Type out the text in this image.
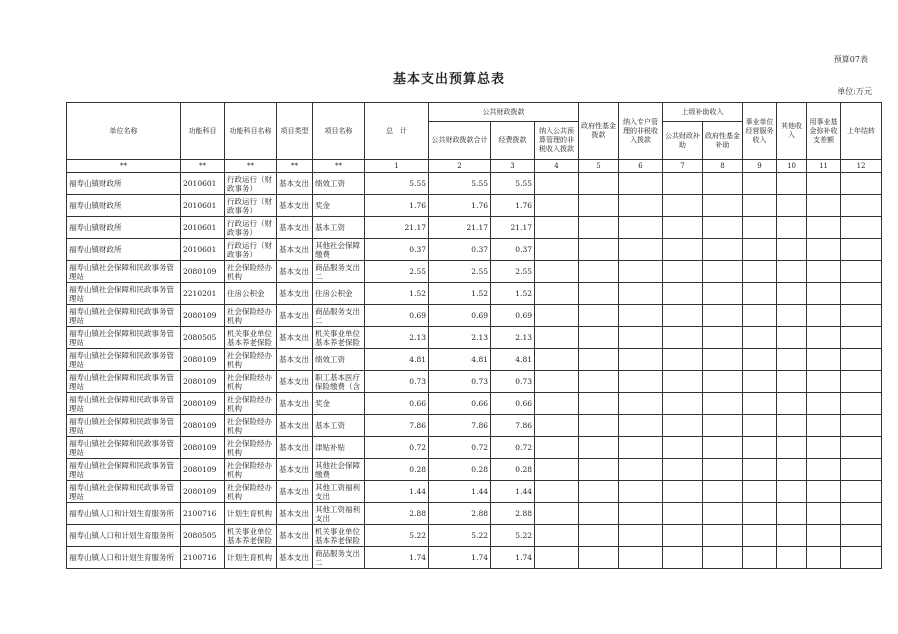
预算07表
基本支出预算总表
单位:万元
单位名称	功能科目	功能科目名称	项目类型	项目名称	总　计	公共财政拨款			政府性基金拨款	纳入专户管理的非税收入拨款	上级补助收入		事业单位经营服务收入	其他收入	用事业基金弥补收支差额	上年结转
						公共财政拨款合计	经费拨款	纳入公共预算管理的非税收入拨款			公共财政补助	政府性基金补助				
**	**	**	**	**	1	2	3	4	5	6	7	8	9	10	11	12
福寿山镇财政所	2010601	行政运行（财政事务）	基本支出	绩效工资	5.55	5.55	5.55									
福寿山镇财政所	2010601	行政运行（财政事务）	基本支出	奖金	1.76	1.76	1.76									
福寿山镇财政所	2010601	行政运行（财政事务）	基本支出	基本工资	21.17	21.17	21.17									
福寿山镇财政所	2010601	行政运行（财政事务）	基本支出	其他社会保障缴费	0.37	0.37	0.37									
福寿山镇社会保障和民政事务管理站	2080109	社会保险经办机构	基本支出	商品服务支出二	2.55	2.55	2.55									
福寿山镇社会保障和民政事务管理站	2210201	住房公积金	基本支出	住房公积金	1.52	1.52	1.52									
福寿山镇社会保障和民政事务管理站	2080109	社会保险经办机构	基本支出	商品服务支出二	0.69	0.69	0.69									
福寿山镇社会保障和民政事务管理站	2080505	机关事业单位基本养老保险	基本支出	机关事业单位基本养老保险	2.13	2.13	2.13									
福寿山镇社会保障和民政事务管理站	2080109	社会保险经办机构	基本支出	绩效工资	4.81	4.81	4.81									
福寿山镇社会保障和民政事务管理站	2080109	社会保险经办机构	基本支出	职工基本医疗保险缴费（含	0.73	0.73	0.73									
福寿山镇社会保障和民政事务管理站	2080109	社会保险经办机构	基本支出	奖金	0.66	0.66	0.66									
福寿山镇社会保障和民政事务管理站	2080109	社会保险经办机构	基本支出	基本工资	7.86	7.86	7.86									
福寿山镇社会保障和民政事务管理站	2080109	社会保险经办机构	基本支出	津贴补贴	0.72	0.72	0.72									
福寿山镇社会保障和民政事务管理站	2080109	社会保险经办机构	基本支出	其他社会保障缴费	0.28	0.28	0.28									
福寿山镇社会保障和民政事务管理站	2080109	社会保险经办机构	基本支出	其他工资福利支出	1.44	1.44	1.44									
福寿山镇人口和计划生育服务所	2100716	计划生育机构	基本支出	其他工资福利支出	2.88	2.88	2.88									
福寿山镇人口和计划生育服务所	2080505	机关事业单位基本养老保险	基本支出	机关事业单位基本养老保险	5.22	5.22	5.22									
福寿山镇人口和计划生育服务所	2100716	计划生育机构	基本支出	商品服务支出二	1.74	1.74	1.74									
